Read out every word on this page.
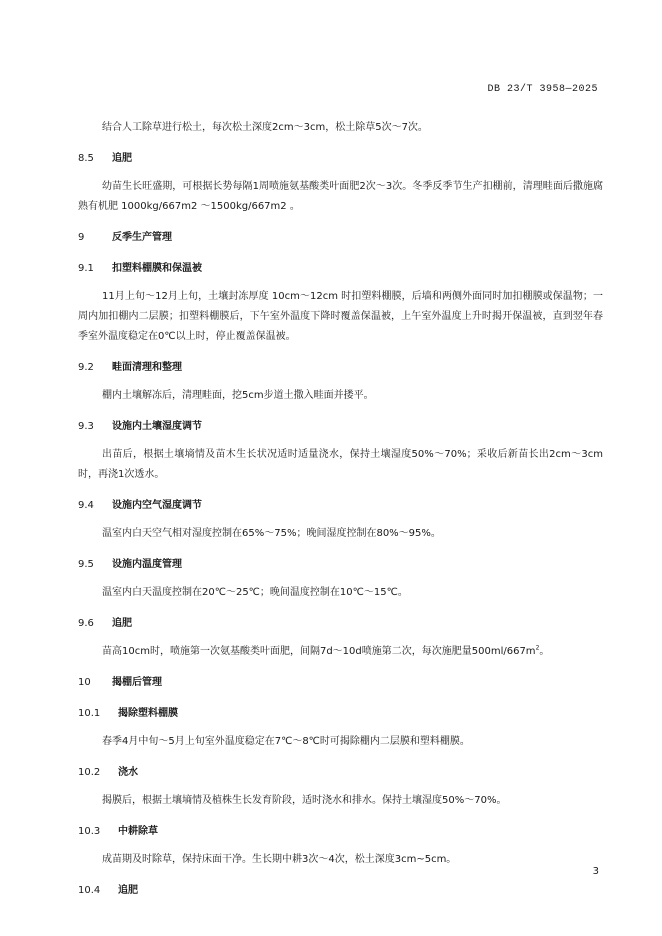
DB 23/T 3958—2025

结合人工除草进行松土，每次松土深度2cm～3cm，松土除草5次～7次。

8.5 追肥

幼苗生长旺盛期，可根据长势每隔1周喷施氨基酸类叶面肥2次～3次。冬季反季节生产扣棚前，清理畦面后撒施腐熟有机肥 1000kg/667m2 ～1500kg/667m2 。

9	反季生产管理
9.1 扣塑料棚膜和保温被

11月上旬～12月上旬，土壤封冻厚度 10cm～12cm 时扣塑料棚膜，后墙和两侧外面同时加扣棚膜或保温物；一周内加扣棚内二层膜；扣塑料棚膜后，下午室外温度下降时覆盖保温被，上午室外温度上升时揭开保温被，直到翌年春季室外温度稳定在0℃以上时，停止覆盖保温被。

9.2 畦面清理和整理

棚内土壤解冻后，清理畦面，挖5cm步道土撒入畦面并搂平。

9.3 设施内土壤湿度调节

出苗后，根据土壤墒情及苗木生长状况适时适量浇水，保持土壤湿度50%～70%；采收后新苗长出2cm～3cm时，再浇1次透水。

9.4 设施内空气湿度调节

温室内白天空气相对湿度控制在65%～75%；晚间湿度控制在80%～95%。

9.5 设施内温度管理

温室内白天温度控制在20℃～25℃；晚间温度控制在10℃～15℃。

9.6 追肥

苗高10cm时，喷施第一次氨基酸类叶面肥，间隔7d～10d喷施第二次，每次施肥量$500ml/667m^2$。

10 揭棚后管理
10.1 揭除塑料棚膜

春季4月中旬～5月上旬室外温度稳定在7℃～8℃时可揭除棚内二层膜和塑料棚膜。

10.2 浇水

揭膜后，根据土壤墒情及植株生长发育阶段，适时浇水和排水。保持土壤湿度50%～70%。

10.3 中耕除草

成苗期及时除草，保持床面干净。生长期中耕3次～4次，松土深度3cm~5cm。

10.4 追肥
3
